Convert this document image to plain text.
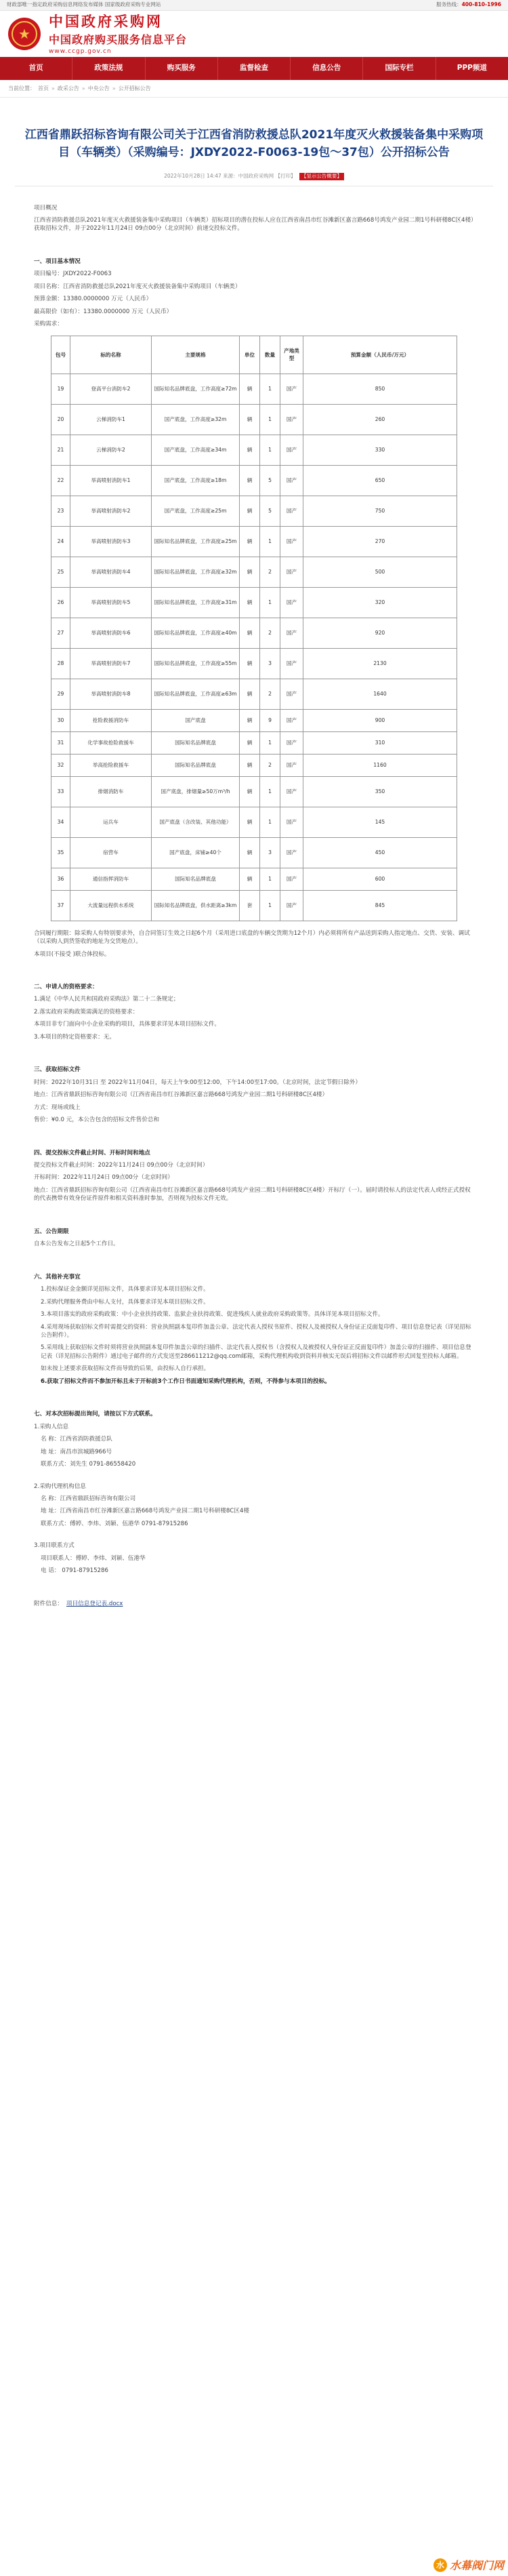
财政部唯一指定政府采购信息网络发布媒体 国家级政府采购专业网站	服务热线：400-810-1996
★
中国政府采购网
中国政府购买服务信息平台
www.ccgp.gov.cn
首页	政策法规	购买服务	监督检查	信息公告	国际专栏	PPP频道
当前位置： 首页 » 政采公告 » 中央公告 » 公开招标公告
江西省鼎跃招标咨询有限公司关于江西省消防救援总队2021年度灭火救援装备集中采购项目（车辆类）（采购编号：JXDY2022-F0063-19包～37包）公开招标公告
2022年10月28日 14:47 来源：中国政府采购网 【打印】 【显示公告概要】

项目概况

江西省消防救援总队2021年度灭火救援装备集中采购项目（车辆类）招标项目的潜在投标人应在江西省南昌市红谷滩新区嘉言路668号鸿发产业园二期1号科研楼8C区4楼）获取招标文件，并于2022年11月24日 09点00分（北京时间）前递交投标文件。

一、项目基本情况

项目编号：JXDY2022-F0063

项目名称：江西省消防救援总队2021年度灭火救援装备集中采购项目（车辆类）

预算金额：13380.0000000 万元（人民币）

最高限价（如有）：13380.0000000 万元（人民币）

采购需求：

包号	标的名称	主要规格	单位	数量	产地类型	预算金额（人民币/万元）
19	登高平台消防车2	国际知名品牌底盘，工作高度≥72m	辆	1	国产	850
20	云梯消防车1	国产底盘，工作高度≥32m	辆	1	国产	260
21	云梯消防车2	国产底盘，工作高度≥34m	辆	1	国产	330
22	举高喷射消防车1	国产底盘，工作高度≥18m	辆	5	国产	650
23	举高喷射消防车2	国产底盘，工作高度≥25m	辆	5	国产	750
24	举高喷射消防车3	国际知名品牌底盘，工作高度≥25m	辆	1	国产	270
25	举高喷射消防车4	国际知名品牌底盘，工作高度≥32m	辆	2	国产	500
26	举高喷射消防车5	国际知名品牌底盘，工作高度≥31m	辆	1	国产	320
27	举高喷射消防车6	国际知名品牌底盘，工作高度≥40m	辆	2	国产	920
28	举高喷射消防车7	国际知名品牌底盘，工作高度≥55m	辆	3	国产	2130
29	举高喷射消防车8	国际知名品牌底盘，工作高度≥63m	辆	2	国产	1640
30	抢险救援消防车	国产底盘	辆	9	国产	900
31	化学事故抢险救援车	国际知名品牌底盘	辆	1	国产	310
32	举高抢险救援车	国际知名品牌底盘	辆	2	国产	1160
33	排烟消防车	国产底盘，排烟量≥50万m³/h	辆	1	国产	350
34	运兵车	国产底盘（含改装、其他功能）	辆	1	国产	145
35	宿营车	国产底盘，床铺≥40个	辆	3	国产	450
36	通信指挥消防车	国际知名品牌底盘	辆	1	国产	600
37	大流量远程供水系统	国际知名品牌底盘，供水距离≥3km	套	1	国产	845

合同履行期限：除采购人有特别要求外，自合同签订生效之日起6个月（采用进口底盘的车辆交货期为12个月）内必须将所有产品送到采购人指定地点、交货、安装、调试（以采购人到货签收的地址为交货地点）。

本项目(不接受 )联合体投标。

二、申请人的资格要求：

1.满足《中华人民共和国政府采购法》第二十二条规定；

2.落实政府采购政策需满足的资格要求：

本项目非专门面向中小企业采购的项目，具体要求详见本项目招标文件。

3.本项目的特定资格要求：无。

三、获取招标文件

时间：2022年10月31日 至 2022年11月04日，每天上午9:00至12:00，下午14:00至17:00。（北京时间，法定节假日除外）

地点：江西省鼎跃招标咨询有限公司（江西省南昌市红谷滩新区嘉言路668号鸿发产业园二期1号科研楼8C区4楼）

方式：现场或线上

售价：¥0.0 元，本公告包含的招标文件售价总和

四、提交投标文件截止时间、开标时间和地点

提交投标文件截止时间：2022年11月24日 09点00分（北京时间）

开标时间：2022年11月24日 09点00分（北京时间）

地点：江西省鼎跃招标咨询有限公司（江西省南昌市红谷滩新区嘉言路668号鸿发产业园二期1号科研楼8C区4楼）开标厅（一）。届时请投标人的法定代表人或经正式授权的代表携带有效身份证件原件和相关资料准时参加，否则视为投标文件无效。

五、公告期限

自本公告发布之日起5个工作日。

六、其他补充事宜

1.投标保证金金额详见招标文件，具体要求详见本项目招标文件。

2.采购代理服务费由中标人支付，具体要求详见本项目招标文件。

3.本项目落实的政府采购政策：中小企业扶持政策、监狱企业扶持政策、促进残疾人就业政府采购政策等。具体详见本项目招标文件。

4.采用现场获取招标文件时需提交的资料：营业执照副本复印件加盖公章、法定代表人授权书原件、授权人及被授权人身份证正反面复印件、项目信息登记表（详见招标公告附件）。

5.采用线上获取招标文件时须将营业执照副本复印件加盖公章的扫描件、法定代表人授权书（含授权人及被授权人身份证正反面复印件）加盖公章的扫描件、项目信息登记表（详见招标公告附件）通过电子邮件的方式发送至286611212@qq.com邮箱，采购代理机构收到资料并核实无误后将招标文件以邮件形式回复至投标人邮箱。

如未按上述要求获取招标文件而导致的后果，由投标人自行承担。

6.获取了招标文件而不参加开标且未于开标前3个工作日书面通知采购代理机构，否则，不得参与本项目的投标。

七、对本次招标提出询问，请按以下方式联系。

1.采购人信息

名 称：江西省消防救援总队

地 址：南昌市滨城路966号

联系方式：刘先生 0791-86558420

2.采购代理机构信息

名 称：江西省鼎跃招标咨询有限公司

地 址：江西省南昌市红谷滩新区嘉言路668号鸿发产业园二期1号科研楼8C区4楼

联系方式：傅婷、李炜、刘颖、伍港华 0791-87915286

3.项目联系方式

项目联系人：傅婷、李炜、刘颖、伍港华

电 话： 0791-87915286

附件信息： 项目信息登记表.docx
水 水幕阀门网
